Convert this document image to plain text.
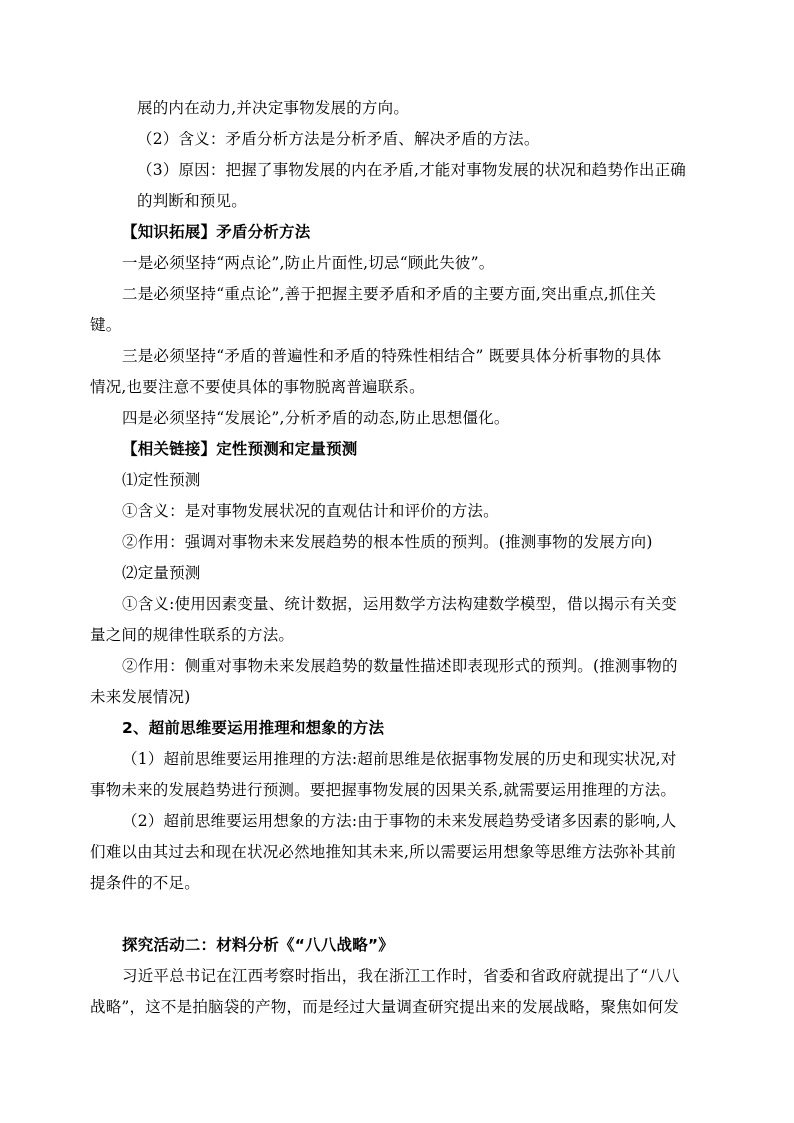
展的内在动力,并决定事物发展的方向。
（2）含义：矛盾分析方法是分析矛盾、解决矛盾的方法。
（3）原因：把握了事物发展的内在矛盾,才能对事物发展的状况和趋势作出正确
的判断和预见。
【知识拓展】矛盾分析方法
一是必须坚持“两点论”,防止片面性,切忌“顾此失彼”。
二是必须坚持“重点论”,善于把握主要矛盾和矛盾的主要方面,突出重点,抓住关
键。
三是必须坚持“矛盾的普遍性和矛盾的特殊性相结合” 既要具体分析事物的具体
情况,也要注意不要使具体的事物脱离普遍联系。
四是必须坚持“发展论”,分析矛盾的动态,防止思想僵化。
【相关链接】定性预测和定量预测
⑴定性预测
①含义：是对事物发展状况的直观估计和评价的方法。
②作用：强调对事物未来发展趋势的根本性质的预判。(推测事物的发展方向)
⑵定量预测
①含义:使用因素变量、统计数据，运用数学方法构建数学模型，借以揭示有关变
量之间的规律性联系的方法。
②作用：侧重对事物未来发展趋势的数量性描述即表现形式的预判。(推测事物的
未来发展情况)
2、超前思维要运用推理和想象的方法
（1）超前思维要运用推理的方法:超前思维是依据事物发展的历史和现实状况,对
事物未来的发展趋势进行预测。要把握事物发展的因果关系,就需要运用推理的方法。
（2）超前思维要运用想象的方法:由于事物的未来发展趋势受诸多因素的影响,人
们难以由其过去和现在状况必然地推知其未来,所以需要运用想象等思维方法弥补其前
提条件的不足。
探究活动二：材料分析《“八八战略”》
习近平总书记在江西考察时指出，我在浙江工作时，省委和省政府就提出了“八八
战略”，这不是拍脑袋的产物，而是经过大量调查研究提出来的发展战略，聚焦如何发
